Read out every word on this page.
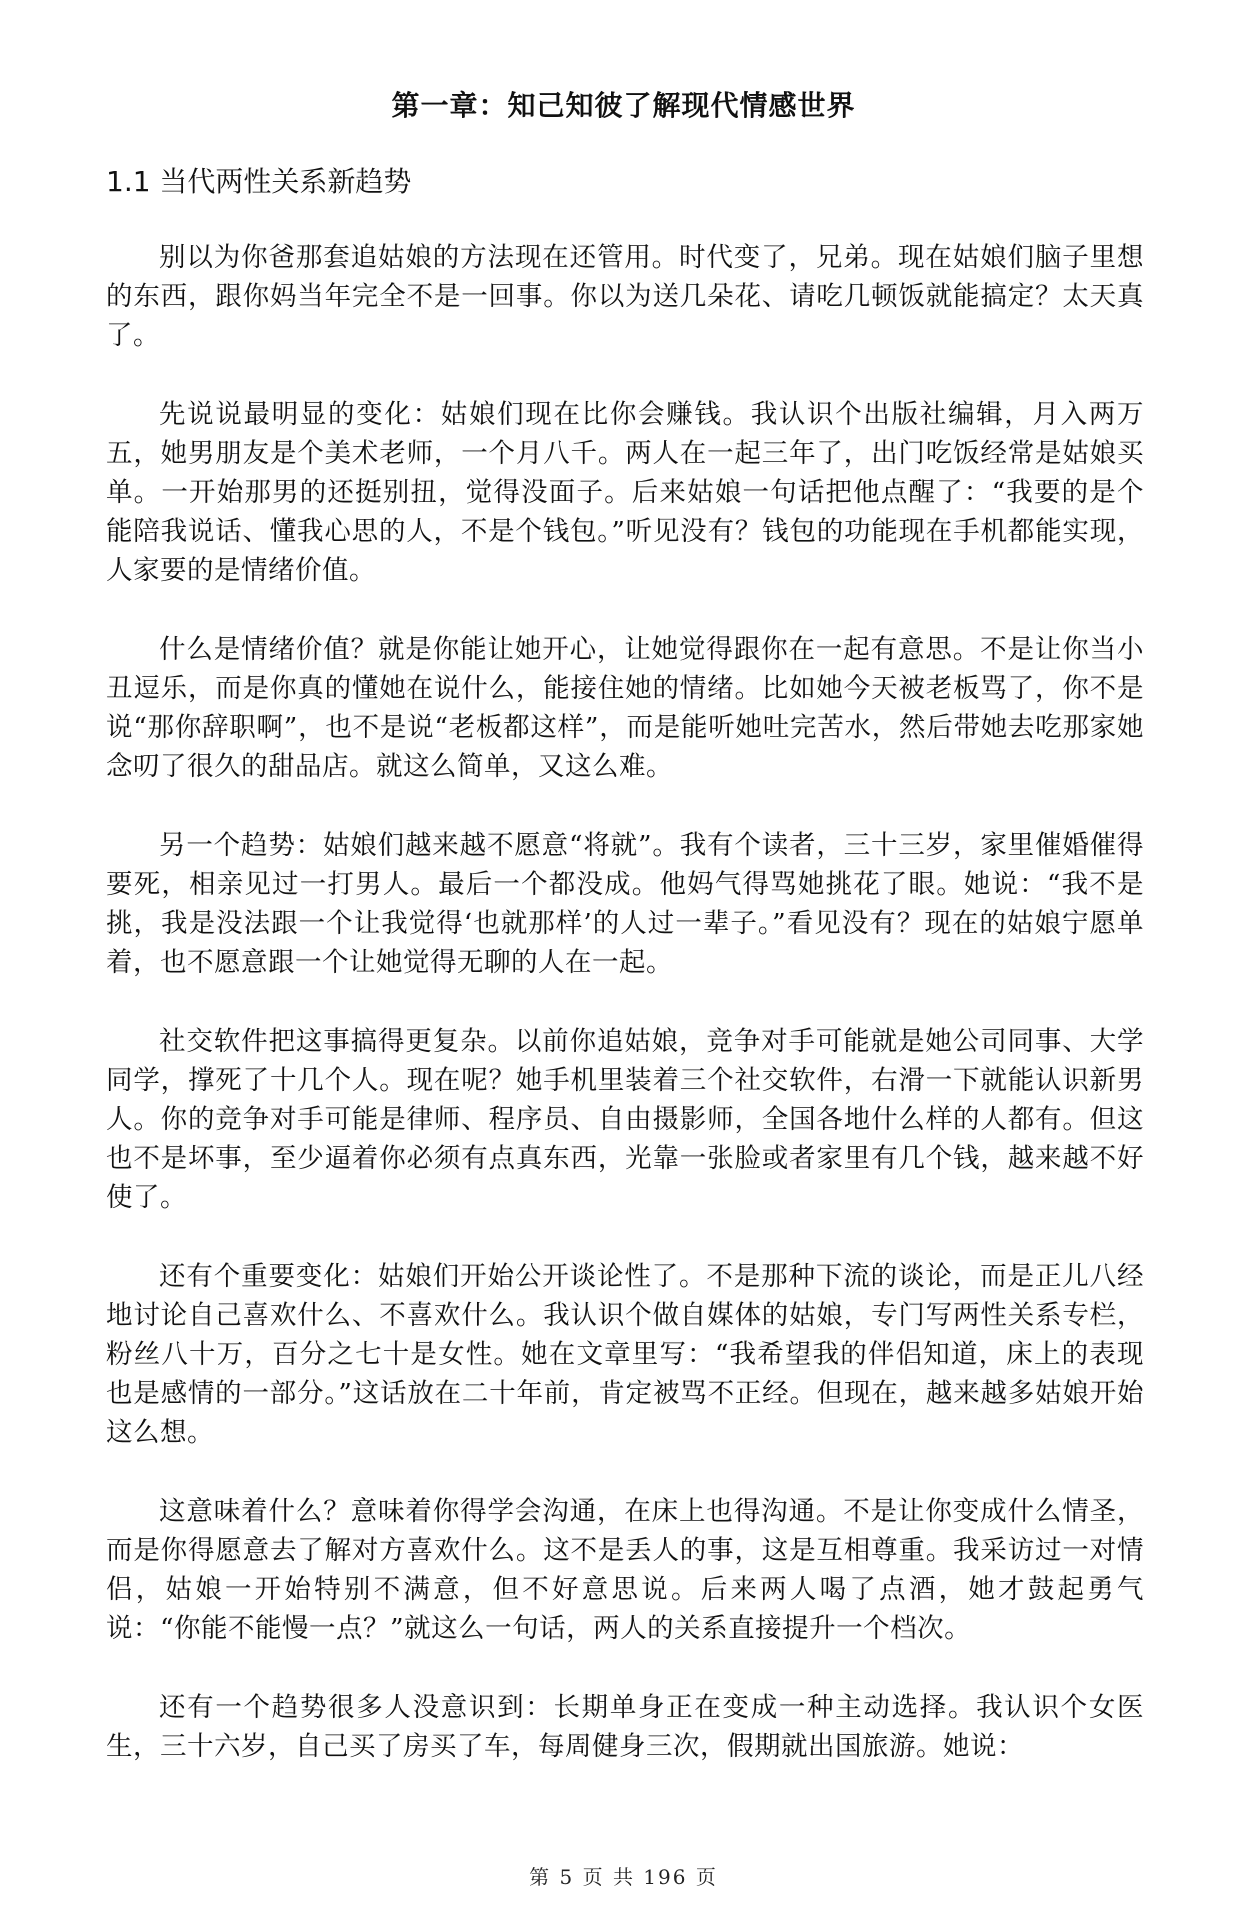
第一章：知己知彼了解现代情感世界
1.1 当代两性关系新趋势

别以为你爸那套追姑娘的方法现在还管用。时代变了，兄弟。现在姑娘们脑子里想的东西，跟你妈当年完全不是一回事。你以为送几朵花、请吃几顿饭就能搞定？太天真了。

先说说最明显的变化：姑娘们现在比你会赚钱。我认识个出版社编辑，月入两万五，她男朋友是个美术老师，一个月八千。两人在一起三年了，出门吃饭经常是姑娘买单。一开始那男的还挺别扭，觉得没面子。后来姑娘一句话把他点醒了：“我要的是个能陪我说话、懂我心思的人，不是个钱包。”听见没有？钱包的功能现在手机都能实现，人家要的是情绪价值。

什么是情绪价值？就是你能让她开心，让她觉得跟你在一起有意思。不是让你当小丑逗乐，而是你真的懂她在说什么，能接住她的情绪。比如她今天被老板骂了，你不是说“那你辞职啊”，也不是说“老板都这样”，而是能听她吐完苦水，然后带她去吃那家她念叨了很久的甜品店。就这么简单，又这么难。

另一个趋势：姑娘们越来越不愿意“将就”。我有个读者，三十三岁，家里催婚催得要死，相亲见过一打男人。最后一个都没成。他妈气得骂她挑花了眼。她说：“我不是挑，我是没法跟一个让我觉得‘也就那样’的人过一辈子。”看见没有？现在的姑娘宁愿单着，也不愿意跟一个让她觉得无聊的人在一起。

社交软件把这事搞得更复杂。以前你追姑娘，竞争对手可能就是她公司同事、大学同学，撑死了十几个人。现在呢？她手机里装着三个社交软件，右滑一下就能认识新男人。你的竞争对手可能是律师、程序员、自由摄影师，全国各地什么样的人都有。但这也不是坏事，至少逼着你必须有点真东西，光靠一张脸或者家里有几个钱，越来越不好使了。

还有个重要变化：姑娘们开始公开谈论性了。不是那种下流的谈论，而是正儿八经地讨论自己喜欢什么、不喜欢什么。我认识个做自媒体的姑娘，专门写两性关系专栏，粉丝八十万，百分之七十是女性。她在文章里写：“我希望我的伴侣知道，床上的表现也是感情的一部分。”这话放在二十年前，肯定被骂不正经。但现在，越来越多姑娘开始这么想。

这意味着什么？意味着你得学会沟通，在床上也得沟通。不是让你变成什么情圣，而是你得愿意去了解对方喜欢什么。这不是丢人的事，这是互相尊重。我采访过一对情侣，姑娘一开始特别不满意，但不好意思说。后来两人喝了点酒，她才鼓起勇气说：“你能不能慢一点？”就这么一句话，两人的关系直接提升一个档次。

还有一个趋势很多人没意识到：长期单身正在变成一种主动选择。我认识个女医生，三十六岁，自己买了房买了车，每周健身三次，假期就出国旅游。她说：

第 5 页 共 196 页
